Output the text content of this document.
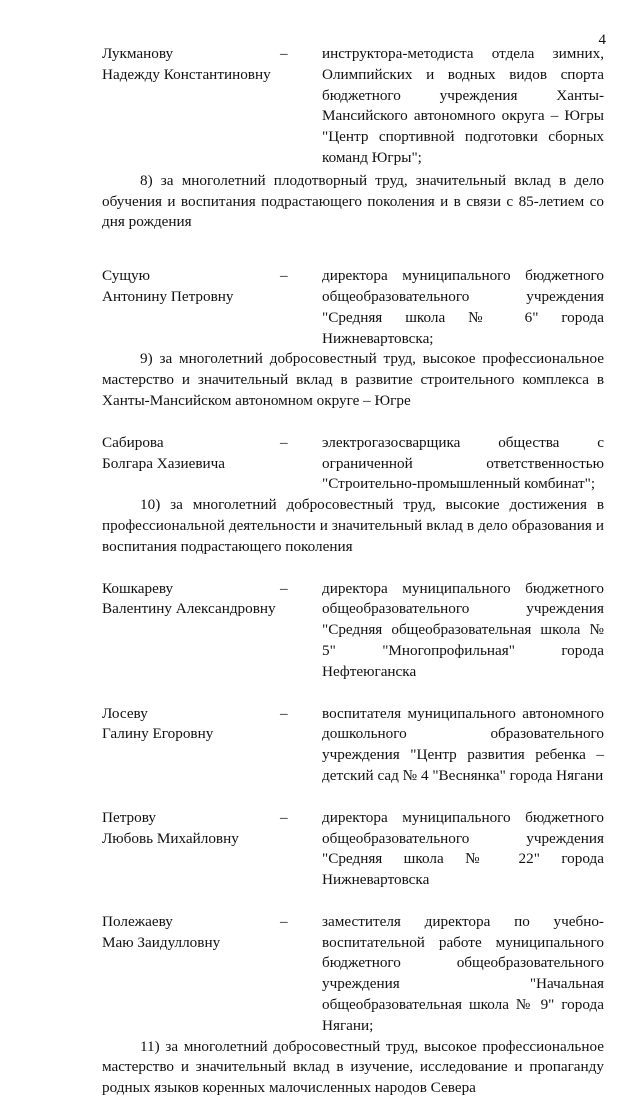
4
Лукманову
Надежду Константиновну
–	инструктора-методиста отдела зимних, Олимпийских и водных видов спорта бюджетного учреждения Ханты-Мансийского автономного округа – Югры "Центр спортивной подготовки сборных команд Югры";
8) за многолетний плодотворный труд, значительный вклад в дело обучения и воспитания подрастающего поколения и в связи с 85-летием со дня рождения
Сущую
Антонину Петровну
–	директора муниципального бюджетного общеобразовательного учреждения "Средняя школа № 6" города Нижневартовска;
9) за многолетний добросовестный труд, высокое профессиональное мастерство и значительный вклад в развитие строительного комплекса в Ханты-Мансийском автономном округе – Югре
Сабирова
Болгара Хазиевича
–	электрогазосварщика общества с ограниченной ответственностью "Строительно-промышленный комбинат";
10) за многолетний добросовестный труд, высокие достижения в профессиональной деятельности и значительный вклад в дело образования и воспитания подрастающего поколения
Кошкареву
Валентину Александровну
–	директора муниципального бюджетного общеобразовательного учреждения "Средняя общеобразовательная школа № 5" "Многопрофильная" города Нефтеюганска
Лосеву
Галину Егоровну
–	воспитателя муниципального автономного дошкольного образовательного учреждения "Центр развития ребенка – детский сад № 4 "Веснянка" города Нягани
Петрову
Любовь Михайловну
–	директора муниципального бюджетного общеобразовательного учреждения "Средняя школа № 22" города Нижневартовска
Полежаеву
Маю Заидулловну
–	заместителя директора по учебно-воспитательной работе муниципального бюджетного общеобразовательного учреждения "Начальная общеобразовательная школа № 9" города Нягани;
11) за многолетний добросовестный труд, высокое профессиональное мастерство и значительный вклад в изучение, исследование и пропаганду родных языков коренных малочисленных народов Севера
